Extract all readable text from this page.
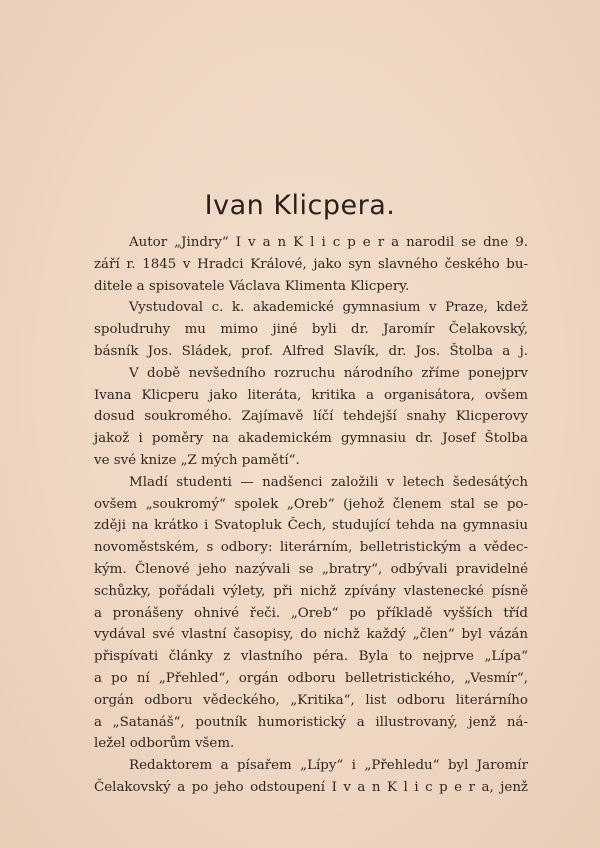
Ivan Klicpera.
Autor „Jindry“ I v a n K l i c p e r a narodil se dne 9.
září r. 1845 v Hradci Králové, jako syn slavného českého bu-
ditele a spisovatele Václava Klimenta Klicpery.
Vystudoval c. k. akademické gymnasium v Praze, kdež
spoludruhy mu mimo jiné byli dr. Jaromír Čelakovský,
básník Jos. Sládek, prof. Alfred Slavík, dr. Jos. Štolba a j.
V době nevšedního rozruchu národního zříme ponejprv
Ivana Klicperu jako literáta, kritika a organisátora, ovšem
dosud soukromého. Zajímavě líčí tehdejší snahy Klicperovy
jakož i poměry na akademickém gymnasiu dr. Josef Štolba
ve své knize „Z mých pamětí“.
Mladí studenti — nadšenci založili v letech šedesátých
ovšem „soukromý“ spolek „Oreb“ (jehož členem stal se po-
zději na krátko i Svatopluk Čech, studující tehda na gymnasiu
novoměstském, s odbory: literárním, belletristickým a vědec-
kým. Členové jeho nazývali se „bratry“, odbývali pravidelné
schůzky, pořádali výlety, při nichž zpívány vlastenecké písně
a pronášeny ohnivé řeči. „Oreb“ po příkladě vyšších tříd
vydával své vlastní časopisy, do nichž každý „člen“ byl vázán
přispívati články z vlastního péra. Byla to nejprve „Lípa“
a po ní „Přehled“, orgán odboru belletristického, „Vesmír“,
orgán odboru vědeckého, „Kritika“, list odboru literárního
a „Satanáš“, poutník humoristický a illustrovaný, jenž ná-
ležel odborům všem.
Redaktorem a písařem „Lípy“ i „Přehledu“ byl Jaromír
Čelakovský a po jeho odstoupení I v a n K l i c p e r a, jenž
